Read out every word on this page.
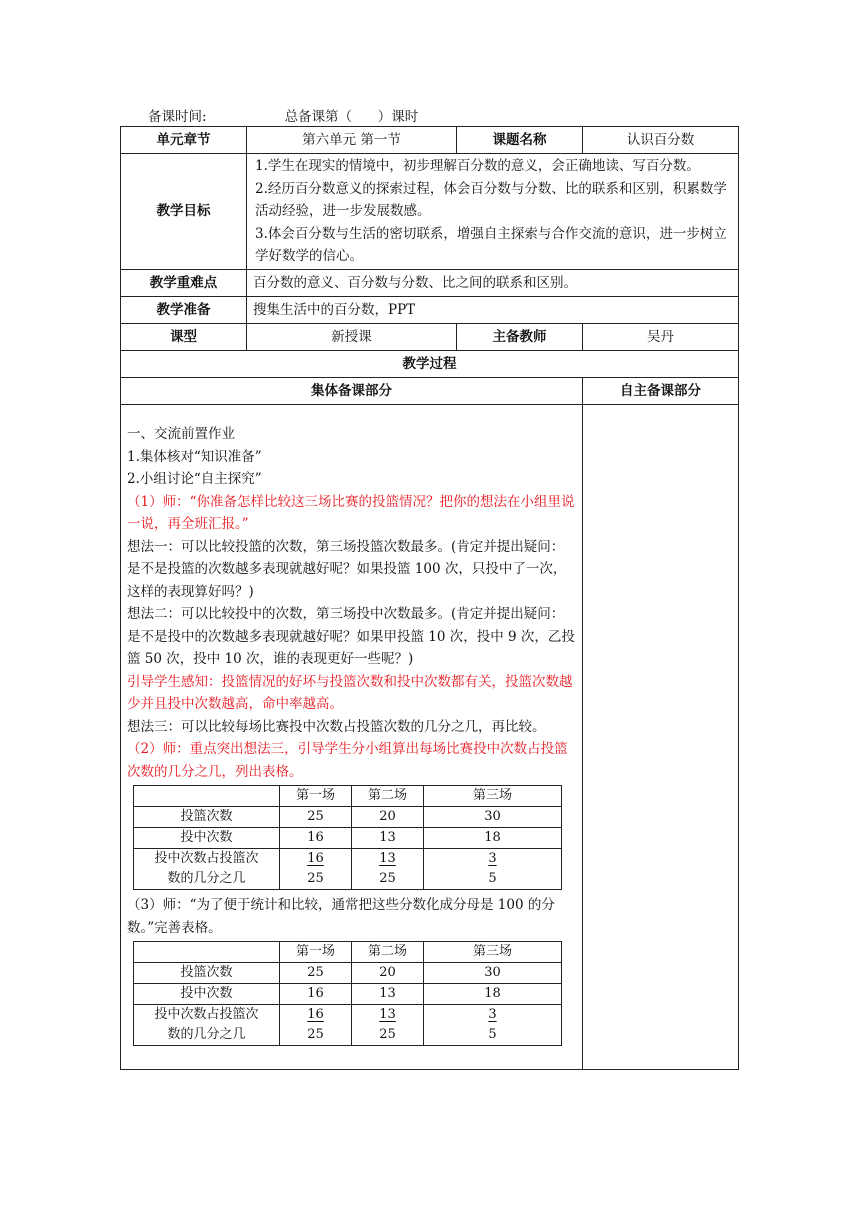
备课时间:	总备课第（      ）课时
单元章节	第六单元 第一节	课题名称	认识百分数
教学目标	

1.学生在现实的情境中，初步理解百分数的意义，会正确地读、写百分数。

2.经历百分数意义的探索过程，体会百分数与分数、比的联系和区别，积累数学活动经验，进一步发展数感。

3.体会百分数与生活的密切联系，增强自主探索与合作交流的意识，进一步树立学好数学的信心。

教学重难点	百分数的意义、百分数与分数、比之间的联系和区别。
教学准备	搜集生活中的百分数，PPT
课型	新授课	主备教师	吴丹
教学过程
集体备课部分	自主备课部分

一、交流前置作业

1.集体核对“知识准备”

2.小组讨论“自主探究”

（1）师：“你准备怎样比较这三场比赛的投篮情况？把你的想法在小组里说一说，再全班汇报。”

想法一：可以比较投篮的次数，第三场投篮次数最多。(肯定并提出疑问：是不是投篮的次数越多表现就越好呢？如果投篮 100 次，只投中了一次，这样的表现算好吗？)

想法二：可以比较投中的次数，第三场投中次数最多。(肯定并提出疑问：是不是投中的次数越多表现就越好呢？如果甲投篮 10 次，投中 9 次，乙投篮 50 次，投中 10 次，谁的表现更好一些呢？)

引导学生感知：投篮情况的好坏与投篮次数和投中次数都有关，投篮次数越少并且投中次数越高，命中率越高。

想法三：可以比较每场比赛投中次数占投篮次数的几分之几，再比较。

（2）师：重点突出想法三，引导学生分小组算出每场比赛投中次数占投篮次数的几分之几，列出表格。

	第一场	第二场	第三场
投篮次数	25	20	30
投中次数	16	13	18

投中次数占投篮次
数的几分之几	$\frac{16}{25}$	$\frac{13}{25}$	$\frac{3}{5}$

（3）师：“为了便于统计和比较，通常把这些分数化成分母是 100 的分数。”完善表格。

	第一场	第二场	第三场
投篮次数	25	20	30
投中次数	16	13	18

投中次数占投篮次
数的几分之几	$\frac{16}{25}$	$\frac{13}{25}$	$\frac{3}{5}$
